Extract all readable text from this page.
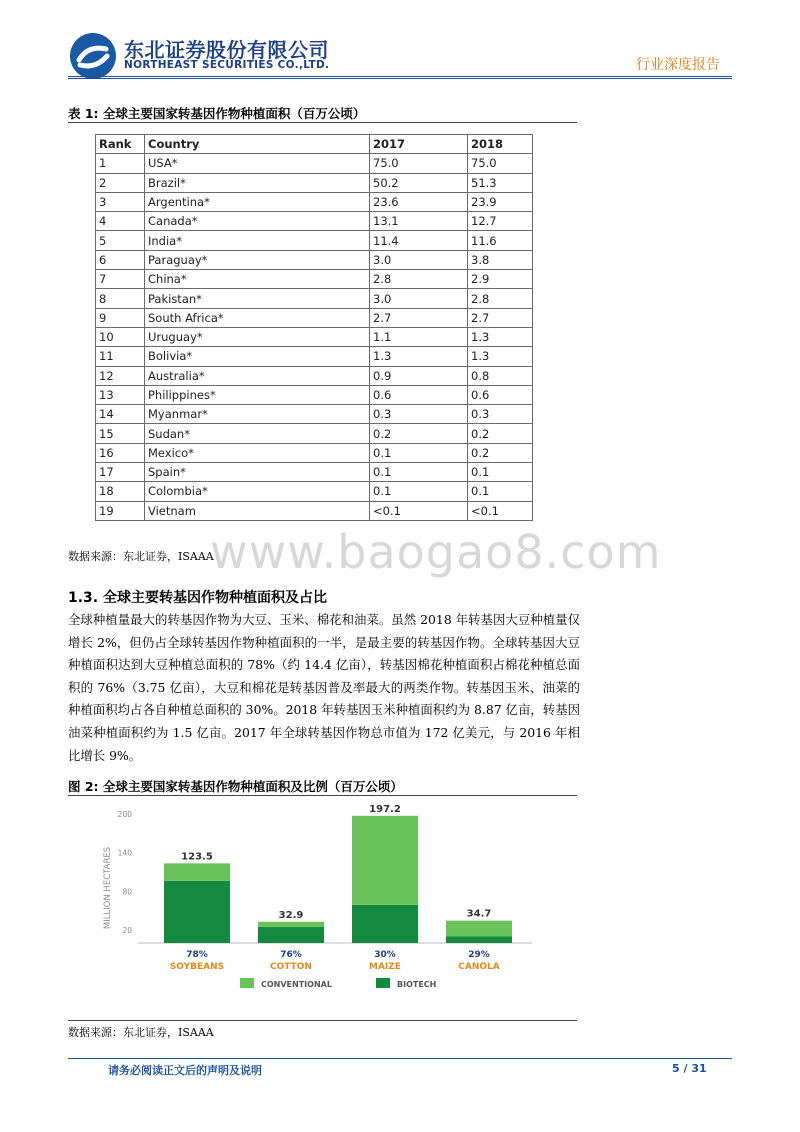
东北证券股份有限公司
NORTHEAST SECURITIES CO.,LTD.	行业深度报告
表 1: 全球主要国家转基因作物种植面积（百万公顷）
Rank	Country	2017	2018
1	USA*	75.0	75.0
2	Brazil*	50.2	51.3
3	Argentina*	23.6	23.9
4	Canada*	13.1	12.7
5	India*	11.4	11.6
6	Paraguay*	3.0	3.8
7	China*	2.8	2.9
8	Pakistan*	3.0	2.8
9	South Africa*	2.7	2.7
10	Uruguay*	1.1	1.3
11	Bolivia*	1.3	1.3
12	Australia*	0.9	0.8
13	Philippines*	0.6	0.6
14	Myanmar*	0.3	0.3
15	Sudan*	0.2	0.2
16	Mexico*	0.1	0.2
17	Spain*	0.1	0.1
18	Colombia*	0.1	0.1
19	Vietnam	<0.1	<0.1
数据来源：东北证券，ISAAA
www.baogao8.com
1.3. 全球主要转基因作物种植面积及占比
全球种植量最大的转基因作物为大豆、玉米、棉花和油菜。虽然 2018 年转基因大豆种植量仅增长 2%，但仍占全球转基因作物种植面积的一半，是最主要的转基因作物。全球转基因大豆种植面积达到大豆种植总面积的 78%（约 14.4 亿亩），转基因棉花种植面积占棉花种植总面积的 76%（3.75 亿亩），大豆和棉花是转基因普及率最大的两类作物。转基因玉米、油菜的种植面积均占各自种植总面积的 30%。2018 年转基因玉米种植面积约为 8.87 亿亩，转基因油菜种植面积约为 1.5 亿亩。2017 年全球转基因作物总市值为 172 亿美元，与 2016 年相比增长 9%。
图 2: 全球主要国家转基因作物种植面积及比例（百万公顷）
MILLION HECTARES
20
80
140
200
123.5
78%
SOYBEANS
32.9
76%
COTTON
197.2
30%
MAIZE
34.7
29%
CANOLA
CONVENTIONAL	BIOTECH
数据来源：东北证券，ISAAA
请务必阅读正文后的声明及说明	5 / 31
